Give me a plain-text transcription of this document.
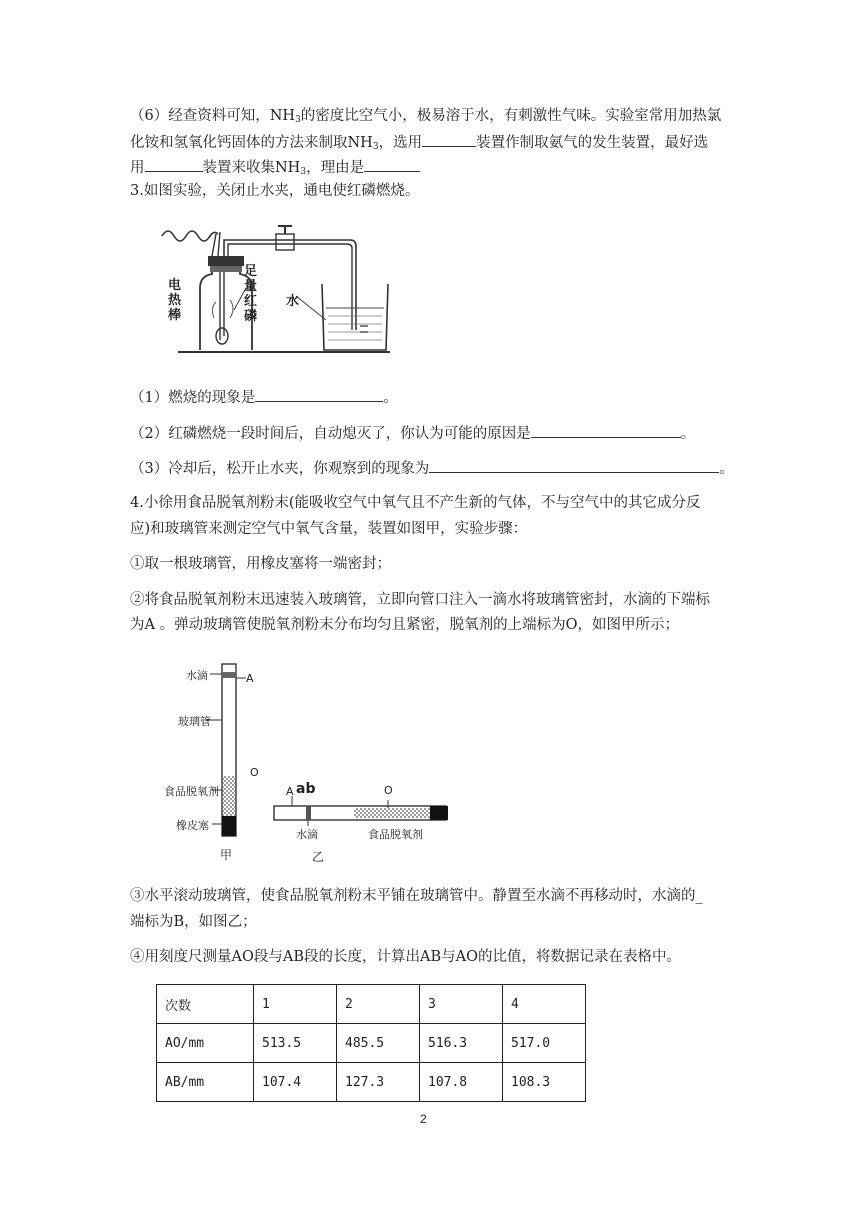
（6）经查资料可知，$NH_3$的密度比空气小，极易溶于水，有刺激性气味。实验室常用加热氯
化铵和氢氧化钙固体的方法来制取$NH_3$，选用	装置作制取氨气的发生装置，最好选
用	装置来收集$NH_3$，理由是
3.如图实验，关闭止水夹，通电使红磷燃烧。
电热棒
足量红磷
水
（1）燃烧的现象是	。
（2）红磷燃烧一段时间后，自动熄灭了，你认为可能的原因是	。
（3）冷却后，松开止水夹，你观察到的现象为	。
4.小徐用食品脱氧剂粉末(能吸收空气中氧气且不产生新的气体，不与空气中的其它成分反
应)和玻璃管来测定空气中氧气含量，装置如图甲，实验步骤：
①取一根玻璃管，用橡皮塞将一端密封；
②将食品脱氧剂粉末迅速装入玻璃管，立即向管口注入一滴水将玻璃管密封，水滴的下端标
为A 。弹动玻璃管使脱氧剂粉末分布均匀且紧密，脱氧剂的上端标为O，如图甲所示；
水滴	A
玻璃管
O
食品脱氧剂
橡皮塞
甲
A ab	O
水滴	食品脱氧剂
乙
③水平滚动玻璃管，使食品脱氧剂粉末平铺在玻璃管中。静置至水滴不再移动时，水滴的_
端标为B，如图乙；
④用刻度尺测量AO段与AB段的长度，计算出AB与AO的比值，将数据记录在表格中。
次数	1	2	3	4
AO/mm	513.5	485.5	516.3	517.0
AB/mm	107.4	127.3	107.8	108.3
2
